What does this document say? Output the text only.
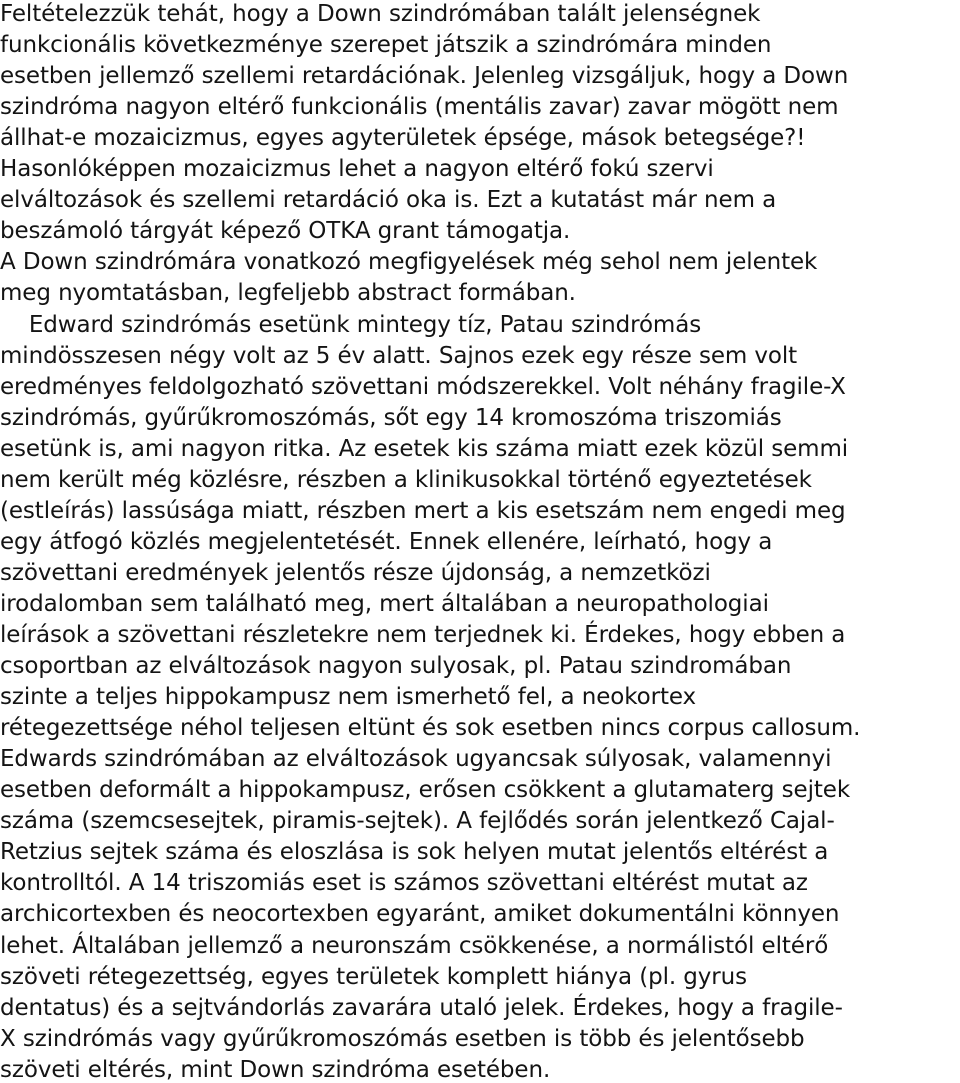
Feltételezzük tehát, hogy a Down szindrómában talált jelenségnek
funkcionális következménye szerepet játszik a szindrómára minden
esetben jellemző szellemi retardációnak. Jelenleg vizsgáljuk, hogy a Down
szindróma nagyon eltérő funkcionális (mentális zavar) zavar mögött nem
állhat-e mozaicizmus, egyes agyterületek épsége, mások betegsége?!
Hasonlóképpen mozaicizmus lehet a nagyon eltérő fokú szervi
elváltozások és szellemi retardáció oka is. Ezt a kutatást már nem a
beszámoló tárgyát képező OTKA grant támogatja.
A Down szindrómára vonatkozó megfigyelések még sehol nem jelentek
meg nyomtatásban, legfeljebb abstract formában.
Edward szindrómás esetünk mintegy tíz, Patau szindrómás
mindösszesen négy volt az 5 év alatt. Sajnos ezek egy része sem volt
eredményes feldolgozható szövettani módszerekkel. Volt néhány fragile-X
szindrómás, gyűrűkromoszómás, sőt egy 14 kromoszóma triszomiás
esetünk is, ami nagyon ritka. Az esetek kis száma miatt ezek közül semmi
nem került még közlésre, részben a klinikusokkal történő egyeztetések
(estleírás) lassúsága miatt, részben mert a kis esetszám nem engedi meg
egy átfogó közlés megjelentetését. Ennek ellenére, leírható, hogy a
szövettani eredmények jelentős része újdonság, a nemzetközi
irodalomban sem található meg, mert általában a neuropathologiai
leírások a szövettani részletekre nem terjednek ki. Érdekes, hogy ebben a
csoportban az elváltozások nagyon sulyosak, pl. Patau szindromában
szinte a teljes hippokampusz nem ismerhető fel, a neokortex
rétegezettsége néhol teljesen eltünt és sok esetben nincs corpus callosum.
Edwards szindrómában az elváltozások ugyancsak súlyosak, valamennyi
esetben deformált a hippokampusz, erősen csökkent a glutamaterg sejtek
száma (szemcsesejtek, piramis-sejtek). A fejlődés során jelentkező Cajal-
Retzius sejtek száma és eloszlása is sok helyen mutat jelentős eltérést a
kontrolltól. A 14 triszomiás eset is számos szövettani eltérést mutat az
archicortexben és neocortexben egyaránt, amiket dokumentálni könnyen
lehet. Általában jellemző a neuronszám csökkenése, a normálistól eltérő
szöveti rétegezettség, egyes területek komplett hiánya (pl. gyrus
dentatus) és a sejtvándorlás zavarára utaló jelek. Érdekes, hogy a fragile-
X szindrómás vagy gyűrűkromoszómás esetben is több és jelentősebb
szöveti eltérés, mint Down szindróma esetében.
